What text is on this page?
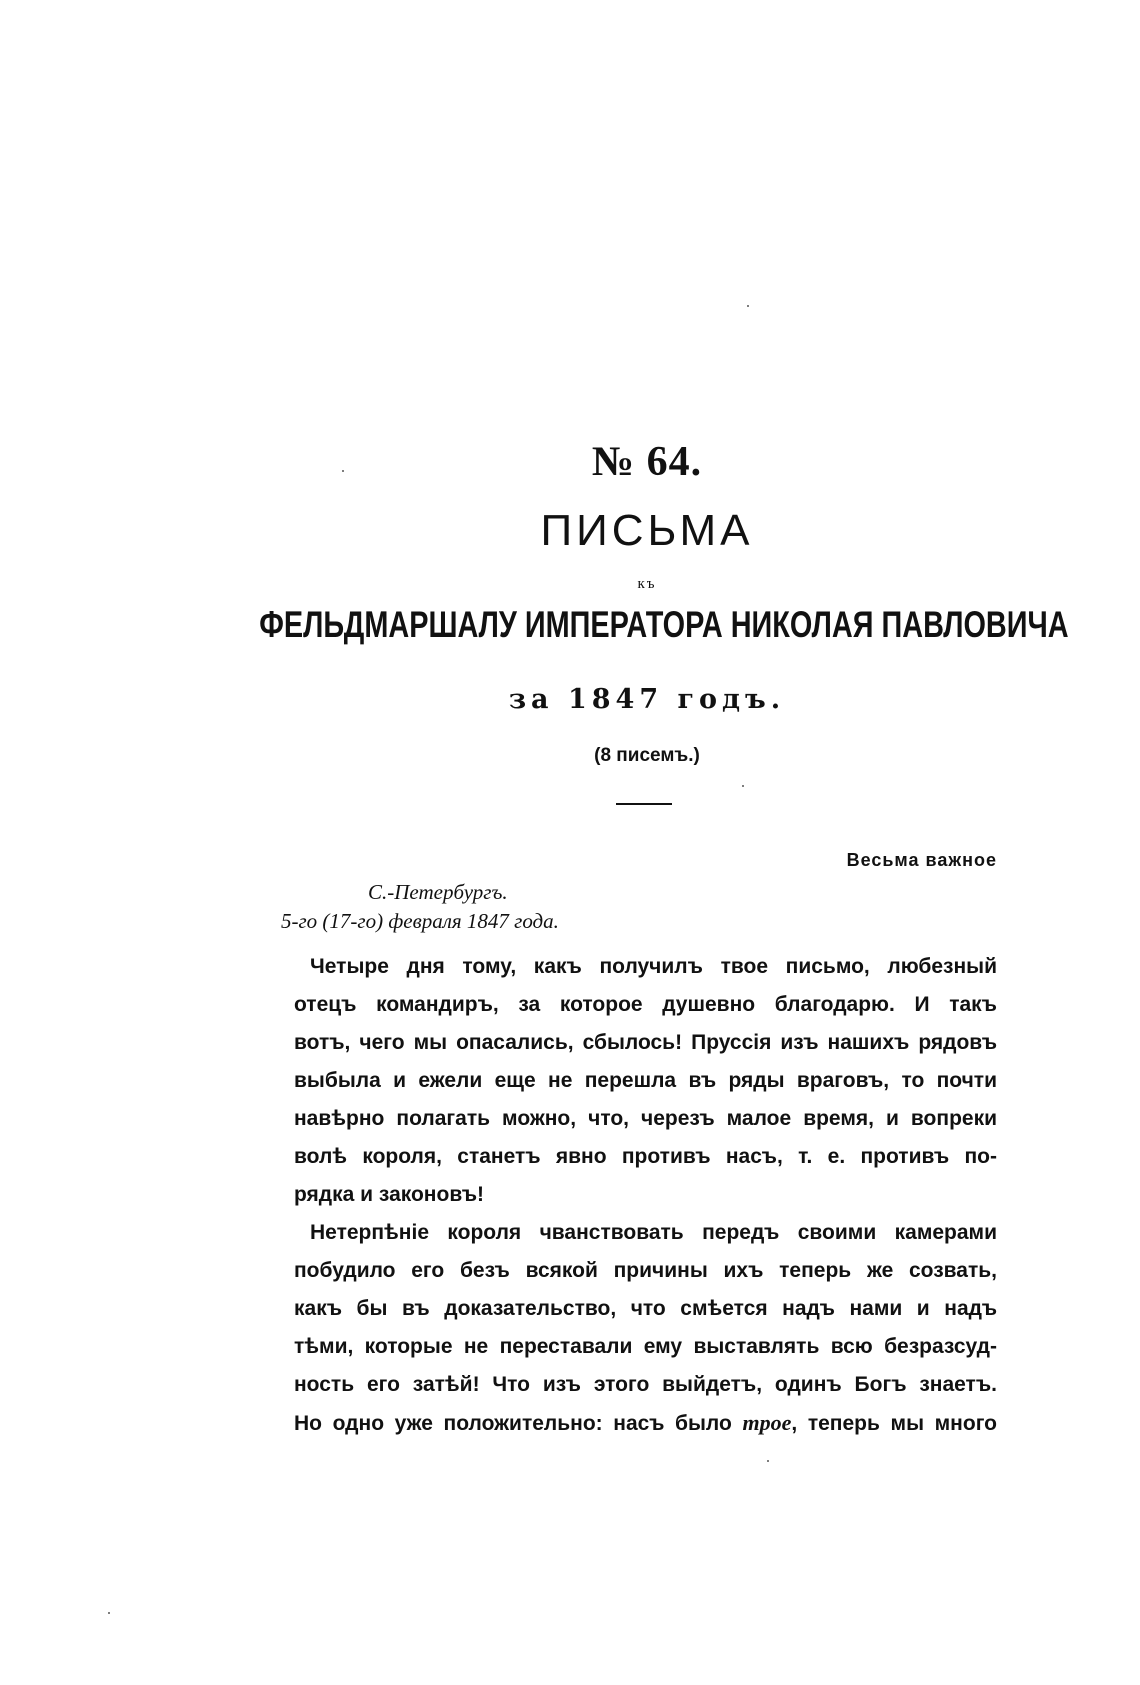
№ 64.
ПИСЬМА
къ
ФЕЛЬДМАРШАЛУ ИМПЕРАТОРА НИКОЛАЯ ПАВЛОВИЧА
за 1847 годъ.
(8 писемъ.)
Весьма важное
С.-Петербургъ.
5-го (17-го) февраля 1847 года.

Четыре дня тому, какъ получилъ твое письмо, любезный
отецъ командиръ, за которое душевно благодарю. И такъ
вотъ, чего мы опасались, сбылось! Пруссія изъ нашихъ рядовъ
выбыла и ежели еще не перешла въ ряды враговъ, то почти
навѣрно полагать можно, что, черезъ малое время, и вопреки
волѣ короля, станетъ явно противъ насъ, т. е. противъ по-
рядка и законовъ!

Нетерпѣніе короля чванствовать передъ своими камерами
побудило его безъ всякой причины ихъ теперь же созвать,
какъ бы въ доказательство, что смѣется надъ нами и надъ
тѣми, которые не переставали ему выставлять всю безразсуд-
ность его затѣй! Что изъ этого выйдетъ, одинъ Богъ знаетъ.
Но одно уже положительно: насъ было трое, теперь мы много
